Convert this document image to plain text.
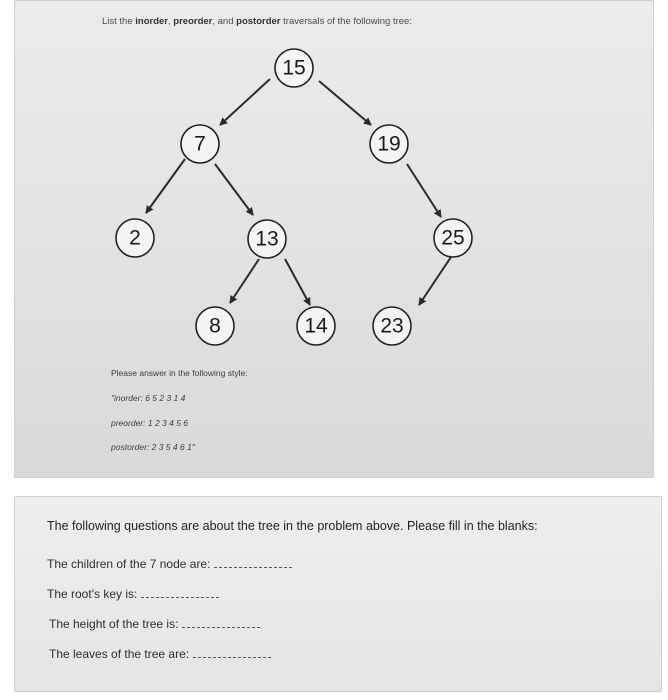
List the inorder, preorder, and postorder traversals of the following tree:
15
7	19
2	13	25
8	14	23
Please answer in the following style:
"inorder: 6 5 2 3 1 4
preorder: 1 2 3 4 5 6
postorder: 2 3 5 4 6 1"
The following questions are about the tree in the problem above. Please fill in the blanks:
The children of the 7 node are:
The root's key is:
The height of the tree is:
The leaves of the tree are:
